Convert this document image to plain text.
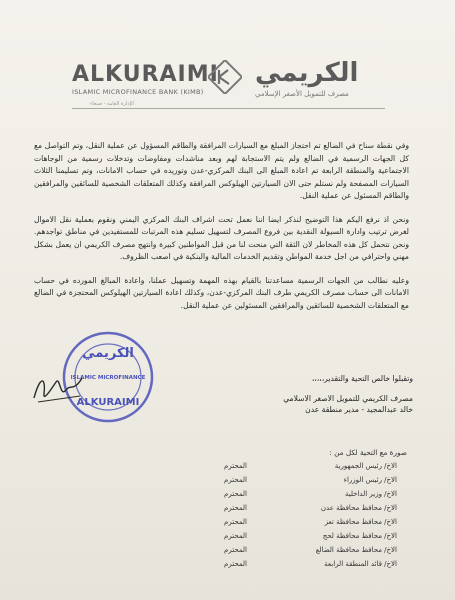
ALKURAIMI
ISLAMIC MICROFINANCE BANK (KIMB)
الكريمي
مصرف للتمويل الأصغر الإسلامي
الإدارة العامة - صنعاء

وفي نقطة سناح في الضالع تم احتجاز المبلغ مع السيارات المرافقة والطاقم المسؤول عن عملية النقل، وتم التواصل مع كل الجهات الرسمية في الضالع ولم يتم الاستجابة لهم وبعد مناشدات ومفاوضات وتدخلات رسمية من الوجاهات الاجتماعية والمنطقة الرابعة تم اعادة المبلغ الى البنك المركزي-عدن وتوريده في حساب الامانات، وتم تسليمنا الثلاث السيارات المصفحة ولم نستلم حتى الان السيارتين الهيلوكس المرافقة وكذلك المتعلقات الشخصية للسائقين والمرافقين والطاقم المسئول عن عملية النقل.

ونحن اذ نرفع اليكم هذا التوضيح لنذكر ايضا اننا نعمل تحت اشراف البنك المركزي اليمني ونقوم بعملية نقل الاموال لغرض ترتيب وادارة السيولة النقدية بين فروع المصرف لتسهيل تسليم هذه المرتبات للمستفيدين في مناطق تواجدهم. ونحن نتحمل كل هذه المخاطر لان الثقة التي منحت لنا من قبل المواطنين كبيرة وانتهج مصرف الكريمي ان يعمل بشكل مهني واحترافي من اجل خدمة المواطن وتقديم الخدمات المالية والبنكية في اصعب الظروف.

وعليه نطالب من الجهات الرسمية مساعدتنا بالقيام بهذه المهمة وتسهيل عملنا، واعادة المبالغ المورده في حساب الامانات الى حساب مصرف الكريمي طرف البنك المركزي-عدن، وكذلك اعادة السيارتين الهيلوكس المحتجزة في الضالع مع المتعلقات الشخصية للسائقين والمرافقين المسئولين عن عملية النقل.

وتقبلوا خالص التحية والتقدير،،،،،
مصرف الكريمي للتمويل الاصغر الاسلامي
خالد عبدالمجيد - مدير منطقة عدن
الكريمي
ISLAMIC MICROFINANCE
ALKURAIMI
صورة مع التحية لكل من :
الاخ/ رئيس الجمهورية
المحترم
الاخ/ رئيس الوزراء
المحترم
الاخ/ وزير الداخلية
المحترم
الاخ/ محافظ محافظة عدن
المحترم
الاخ/ محافظ محافظة تعز
المحترم
الاخ/ محافظ محافظة لحج
المحترم
الاخ/ محافظ محافظة الضالع
المحترم
الاخ/ قائد المنطقة الرابعة
المحترم
